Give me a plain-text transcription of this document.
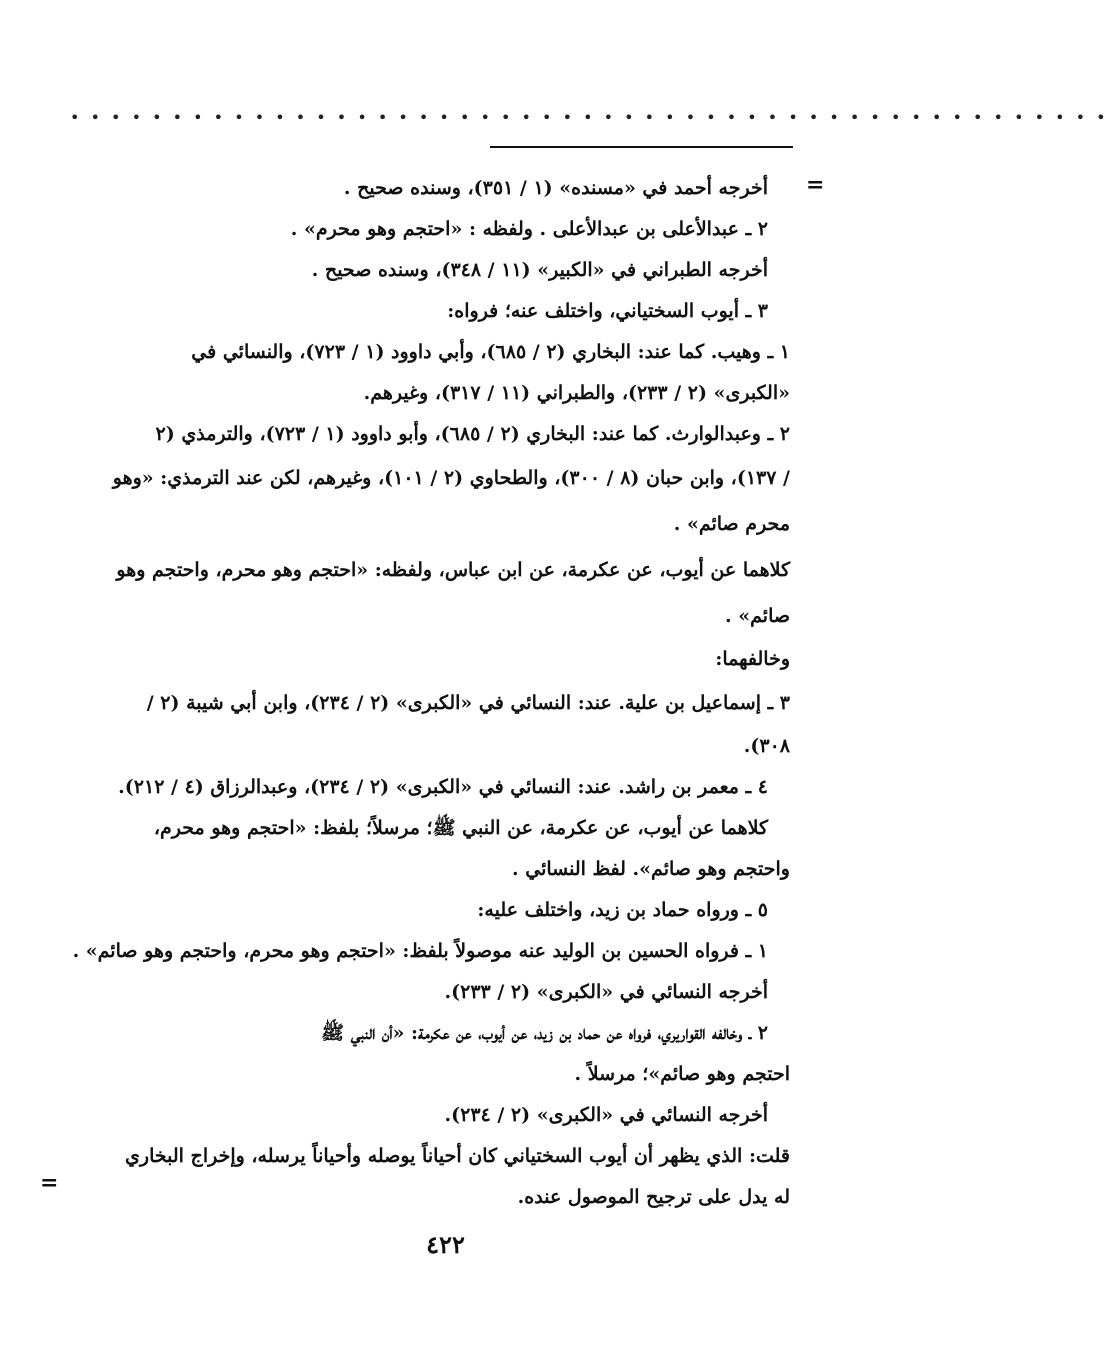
• • • • • • • • • • • • • • • • • • • • • • • • • • • • • • • • • • • • • • • • • • • • • • • • • • •
=
=
أخرجه أحمد في «مسنده» (١ / ٣٥١)، وسنده صحيح .
٢ ـ عبدالأعلى بن عبدالأعلى . ولفظه : «احتجم وهو محرم» .
أخرجه الطبراني في «الكبير» (١١ / ٣٤٨)، وسنده صحيح .
٣ ـ أيوب السختياني، واختلف عنه؛ فرواه:
١ ـ وهيب. كما عند: البخاري (٢ / ٦٨٥)، وأبي داوود (١ / ٧٢٣)، والنسائي في
«الكبرى» (٢ / ٢٣٣)، والطبراني (١١ / ٣١٧)، وغيرهم.
٢ ـ وعبدالوارث. كما عند: البخاري (٢ / ٦٨٥)، وأبو داوود (١ / ٧٢٣)، والترمذي (٢
/ ١٣٧)، وابن حبان (٨ / ٣٠٠)، والطحاوي (٢ / ١٠١)، وغيرهم، لكن عند الترمذي: «وهو
محرم صائم» .
كلاهما عن أيوب، عن عكرمة، عن ابن عباس، ولفظه: «احتجم وهو محرم، واحتجم وهو
صائم» .
وخالفهما:
٣ ـ إسماعيل بن علية. عند: النسائي في «الكبرى» (٢ / ٢٣٤)، وابن أبي شيبة (٢ /
٣٠٨).
٤ ـ معمر بن راشد. عند: النسائي في «الكبرى» (٢ / ٢٣٤)، وعبدالرزاق (٤ / ٢١٢).
كلاهما عن أيوب، عن عكرمة، عن النبي ﷺ؛ مرسلاً؛ بلفظ: «احتجم وهو محرم،
واحتجم وهو صائم». لفظ النسائي .
٥ ـ ورواه حماد بن زيد، واختلف عليه:
١ ـ فرواه الحسين بن الوليد عنه موصولاً بلفظ: «احتجم وهو محرم، واحتجم وهو صائم» .
أخرجه النسائي في «الكبرى» (٢ / ٢٣٣).
٢ ـ وخالفه القواريري، فرواه عن حماد بن زيد، عن أيوب، عن عكرمة: «أن النبي ﷺ
احتجم وهو صائم»؛ مرسلاً .
أخرجه النسائي في «الكبرى» (٢ / ٢٣٤).
قلت: الذي يظهر أن أيوب السختياني كان أحياناً يوصله وأحياناً يرسله، وإخراج البخاري
له يدل على ترجيح الموصول عنده.
٤٢٢
